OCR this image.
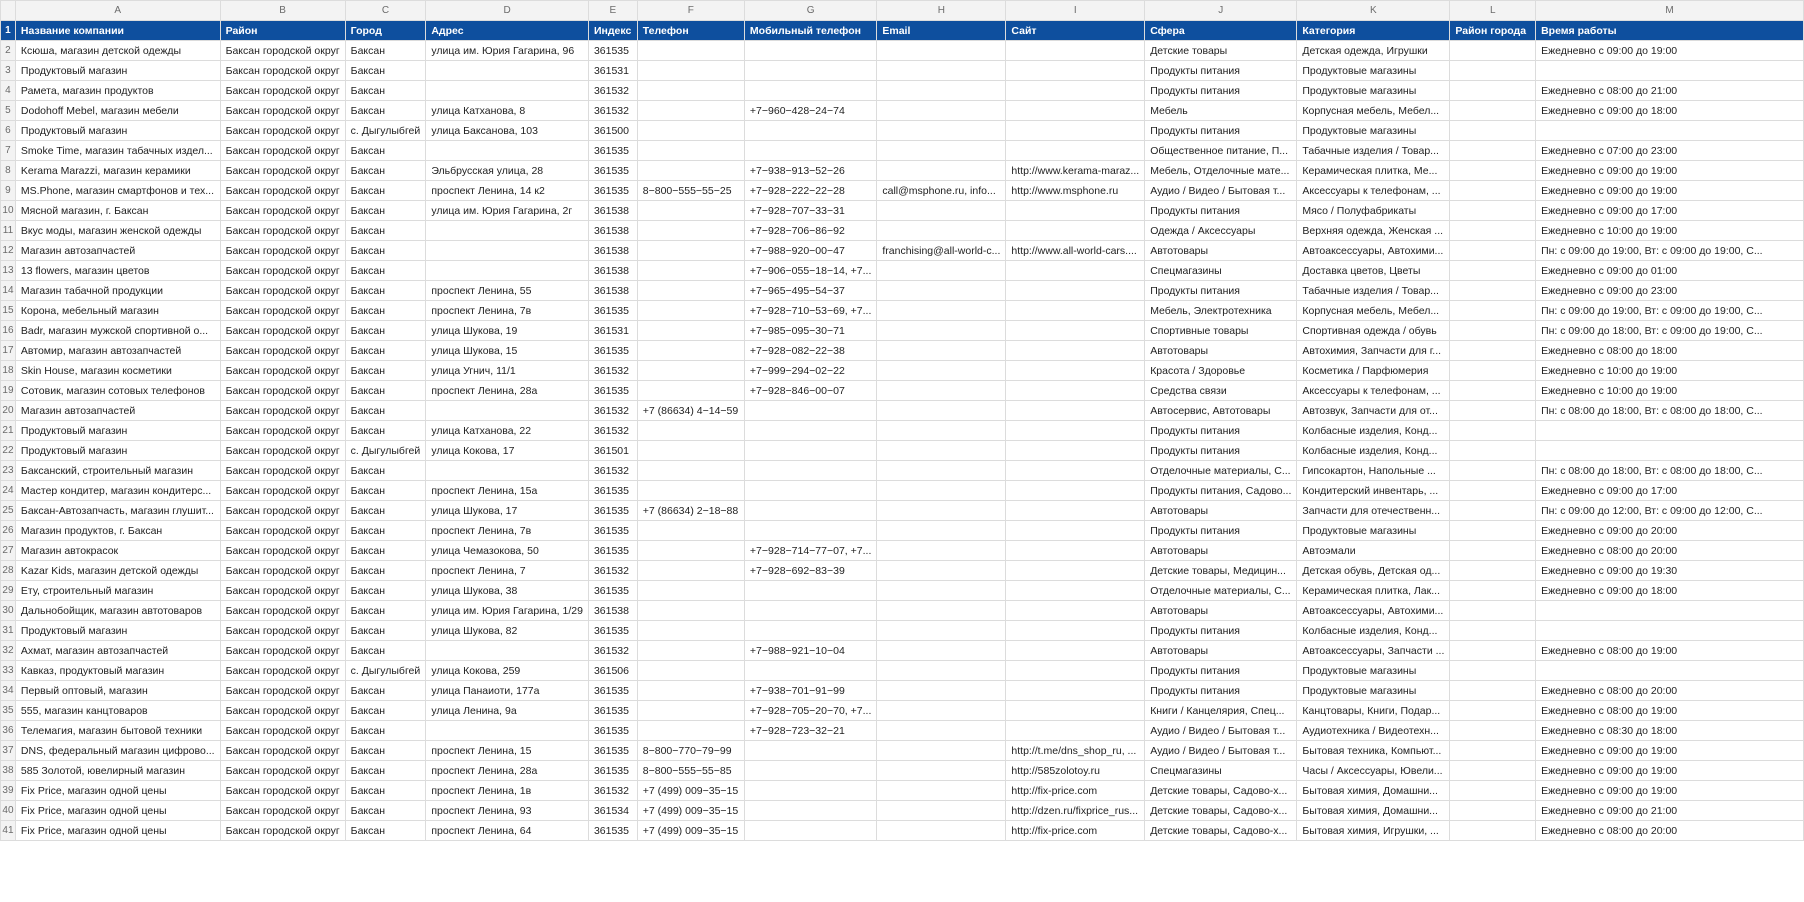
	A	B	C	D	E	F	G	H	I	J	K	L	M
1	Название компании	Район	Город	Адрес	Индекс	Телефон	Мобильный телефон	Email	Сайт	Сфера	Категория	Район города	Время работы
2	Ксюша, магазин детской одежды	Баксан городской округ	Баксан	улица им. Юрия Гагарина, 96	361535					Детские товары	Детская одежда, Игрушки		Ежедневно с 09:00 до 19:00
3	Продуктовый магазин	Баксан городской округ	Баксан		361531					Продукты питания	Продуктовые магазины		
4	Рамета, магазин продуктов	Баксан городской округ	Баксан		361532					Продукты питания	Продуктовые магазины		Ежедневно с 08:00 до 21:00
5	Dodohoff Mebel, магазин мебели	Баксан городской округ	Баксан	улица Катханова, 8	361532		+7−960−428−24−74			Мебель	Корпусная мебель, Мебел...		Ежедневно с 09:00 до 18:00
6	Продуктовый магазин	Баксан городской округ	с. Дыгулыбгей	улица Баксанова, 103	361500					Продукты питания	Продуктовые магазины		
7	Smoke Time, магазин табачных издел...	Баксан городской округ	Баксан		361535					Общественное питание, П...	Табачные изделия / Товар...		Ежедневно с 07:00 до 23:00
8	Kerama Marazzi, магазин керамики	Баксан городской округ	Баксан	Эльбрусская улица, 28	361535		+7−938−913−52−26		http://www.kerama-maraz...	Мебель, Отделочные мате...	Керамическая плитка, Ме...		Ежедневно с 09:00 до 19:00
9	MS.Phone, магазин смартфонов и тех...	Баксан городской округ	Баксан	проспект Ленина, 14 к2	361535	8−800−555−55−25	+7−928−222−22−28	call@msphone.ru, info...	http://www.msphone.ru	Аудио / Видео / Бытовая т...	Аксессуары к телефонам, ...		Ежедневно с 09:00 до 19:00
10	Мясной магазин, г. Баксан	Баксан городской округ	Баксан	улица им. Юрия Гагарина, 2г	361538		+7−928−707−33−31			Продукты питания	Мясо / Полуфабрикаты		Ежедневно с 09:00 до 17:00
11	Вкус моды, магазин женской одежды	Баксан городской округ	Баксан		361538		+7−928−706−86−92			Одежда / Аксессуары	Верхняя одежда, Женская ...		Ежедневно с 10:00 до 19:00
12	Магазин автозапчастей	Баксан городской округ	Баксан		361538		+7−988−920−00−47	franchising@all-world-c...	http://www.all-world-cars....	Автотовары	Автоаксессуары, Автохими...		Пн: с 09:00 до 19:00, Вт: с 09:00 до 19:00, С...
13	13 flowers, магазин цветов	Баксан городской округ	Баксан		361538		+7−906−055−18−14, +7...			Спецмагазины	Доставка цветов, Цветы		Ежедневно с 09:00 до 01:00
14	Магазин табачной продукции	Баксан городской округ	Баксан	проспект Ленина, 55	361538		+7−965−495−54−37			Продукты питания	Табачные изделия / Товар...		Ежедневно с 09:00 до 23:00
15	Корона, мебельный магазин	Баксан городской округ	Баксан	проспект Ленина, 7в	361535		+7−928−710−53−69, +7...			Мебель, Электротехника	Корпусная мебель, Мебел...		Пн: с 09:00 до 19:00, Вт: с 09:00 до 19:00, С...
16	Badr, магазин мужской спортивной о...	Баксан городской округ	Баксан	улица Шукова, 19	361531		+7−985−095−30−71			Спортивные товары	Спортивная одежда / обувь		Пн: с 09:00 до 18:00, Вт: с 09:00 до 19:00, С...
17	Автомир, магазин автозапчастей	Баксан городской округ	Баксан	улица Шукова, 15	361535		+7−928−082−22−38			Автотовары	Автохимия, Запчасти для г...		Ежедневно с 08:00 до 18:00
18	Skin House, магазин косметики	Баксан городской округ	Баксан	улица Угнич, 11/1	361532		+7−999−294−02−22			Красота / Здоровье	Косметика / Парфюмерия		Ежедневно с 10:00 до 19:00
19	Сотовик, магазин сотовых телефонов	Баксан городской округ	Баксан	проспект Ленина, 28а	361535		+7−928−846−00−07			Средства связи	Аксессуары к телефонам, ...		Ежедневно с 10:00 до 19:00
20	Магазин автозапчастей	Баксан городской округ	Баксан		361532	+7 (86634) 4−14−59				Автосервис, Автотовары	Автозвук, Запчасти для от...		Пн: с 08:00 до 18:00, Вт: с 08:00 до 18:00, С...
21	Продуктовый магазин	Баксан городской округ	Баксан	улица Катханова, 22	361532					Продукты питания	Колбасные изделия, Конд...		
22	Продуктовый магазин	Баксан городской округ	с. Дыгулыбгей	улица Кокова, 17	361501					Продукты питания	Колбасные изделия, Конд...		
23	Баксанский, строительный магазин	Баксан городской округ	Баксан		361532					Отделочные материалы, С...	Гипсокартон, Напольные ...		Пн: с 08:00 до 18:00, Вт: с 08:00 до 18:00, С...
24	Мастер кондитер, магазин кондитерс...	Баксан городской округ	Баксан	проспект Ленина, 15а	361535					Продукты питания, Садово...	Кондитерский инвентарь, ...		Ежедневно с 09:00 до 17:00
25	Баксан-Автозапчасть, магазин глушит...	Баксан городской округ	Баксан	улица Шукова, 17	361535	+7 (86634) 2−18−88				Автотовары	Запчасти для отечественн...		Пн: с 09:00 до 12:00, Вт: с 09:00 до 12:00, С...
26	Магазин продуктов, г. Баксан	Баксан городской округ	Баксан	проспект Ленина, 7в	361535					Продукты питания	Продуктовые магазины		Ежедневно с 09:00 до 20:00
27	Магазин автокрасок	Баксан городской округ	Баксан	улица Чемазокова, 50	361535		+7−928−714−77−07, +7...			Автотовары	Автоэмали		Ежедневно с 08:00 до 20:00
28	Kazar Kids, магазин детской одежды	Баксан городской округ	Баксан	проспект Ленина, 7	361532		+7−928−692−83−39			Детские товары, Медицин...	Детская обувь, Детская од...		Ежедневно с 09:00 до 19:30
29	Ету, строительный магазин	Баксан городской округ	Баксан	улица Шукова, 38	361535					Отделочные материалы, С...	Керамическая плитка, Лак...		Ежедневно с 09:00 до 18:00
30	Дальнобойщик, магазин автотоваров	Баксан городской округ	Баксан	улица им. Юрия Гагарина, 1/29	361538					Автотовары	Автоаксессуары, Автохими...		
31	Продуктовый магазин	Баксан городской округ	Баксан	улица Шукова, 82	361535					Продукты питания	Колбасные изделия, Конд...		
32	Ахмат, магазин автозапчастей	Баксан городской округ	Баксан		361532		+7−988−921−10−04			Автотовары	Автоаксессуары, Запчасти ...		Ежедневно с 08:00 до 19:00
33	Кавказ, продуктовый магазин	Баксан городской округ	с. Дыгулыбгей	улица Кокова, 259	361506					Продукты питания	Продуктовые магазины		
34	Первый оптовый, магазин	Баксан городской округ	Баксан	улица Панаиоти, 177а	361535		+7−938−701−91−99			Продукты питания	Продуктовые магазины		Ежедневно с 08:00 до 20:00
35	555, магазин канцтоваров	Баксан городской округ	Баксан	улица Ленина, 9а	361535		+7−928−705−20−70, +7...			Книги / Канцелярия, Спец...	Канцтовары, Книги, Подар...		Ежедневно с 08:00 до 19:00
36	Телемагия, магазин бытовой техники	Баксан городской округ	Баксан		361535		+7−928−723−32−21			Аудио / Видео / Бытовая т...	Аудиотехника / Видеотехн...		Ежедневно с 08:30 до 18:00
37	DNS, федеральный магазин цифрово...	Баксан городской округ	Баксан	проспект Ленина, 15	361535	8−800−770−79−99			http://t.me/dns_shop_ru, ...	Аудио / Видео / Бытовая т...	Бытовая техника, Компьют...		Ежедневно с 09:00 до 19:00
38	585 Золотой, ювелирный магазин	Баксан городской округ	Баксан	проспект Ленина, 28а	361535	8−800−555−55−85			http://585zolotoy.ru	Спецмагазины	Часы / Аксессуары, Ювели...		Ежедневно с 09:00 до 19:00
39	Fix Price, магазин одной цены	Баксан городской округ	Баксан	проспект Ленина, 1в	361532	+7 (499) 009−35−15			http://fix-price.com	Детские товары, Садово-х...	Бытовая химия, Домашни...		Ежедневно с 09:00 до 19:00
40	Fix Price, магазин одной цены	Баксан городской округ	Баксан	проспект Ленина, 93	361534	+7 (499) 009−35−15			http://dzen.ru/fixprice_rus...	Детские товары, Садово-х...	Бытовая химия, Домашни...		Ежедневно с 09:00 до 21:00
41	Fix Price, магазин одной цены	Баксан городской округ	Баксан	проспект Ленина, 64	361535	+7 (499) 009−35−15			http://fix-price.com	Детские товары, Садово-х...	Бытовая химия, Игрушки, ...		Ежедневно с 08:00 до 20:00
